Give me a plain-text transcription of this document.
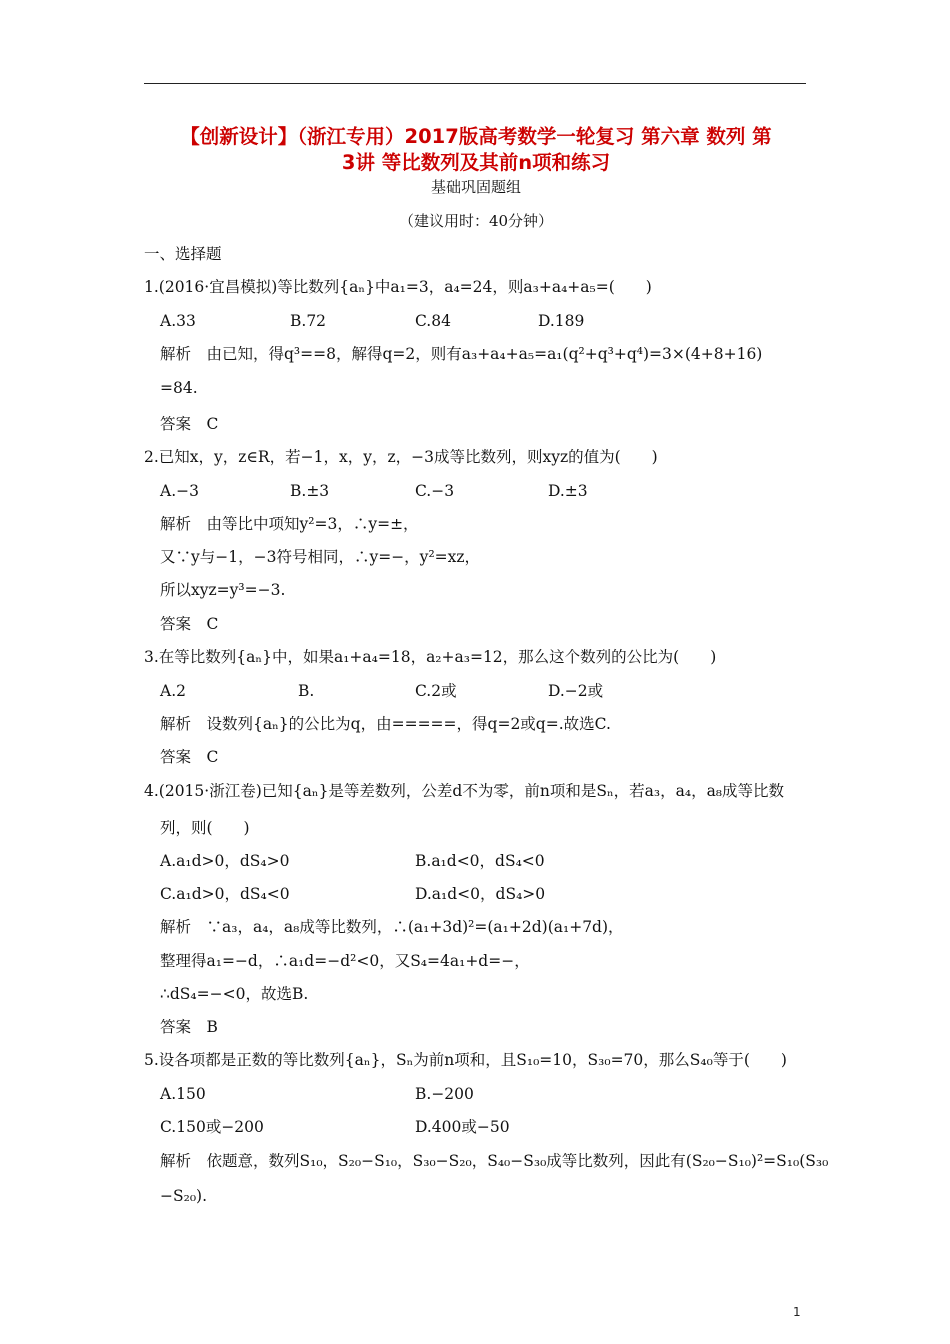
【创新设计】（浙江专用）2017版高考数学一轮复习 第六章 数列 第
3讲 等比数列及其前n项和练习
基础巩固题组
（建议用时：40分钟）
一、选择题
1.(2016·宜昌模拟)等比数列{aₙ}中a₁=3，a₄=24，则a₃+a₄+a₅=(　　)
A.33	B.72	C.84	D.189
解析　由已知，得q³==8，解得q=2，则有a₃+a₄+a₅=a₁(q²+q³+q⁴)=3×(4+8+16)
=84.
答案　C
2.已知x，y，z∈R，若−1，x，y，z，−3成等比数列，则xyz的值为(　　)
A.−3	B.±3	C.−3	D.±3
解析　由等比中项知y²=3，∴y=±，
又∵y与−1，−3符号相同，∴y=−，y²=xz，
所以xyz=y³=−3.
答案　C
3.在等比数列{aₙ}中，如果a₁+a₄=18，a₂+a₃=12，那么这个数列的公比为(　　)
A.2	B.	C.2或	D.−2或
解析　设数列{aₙ}的公比为q，由=====，得q=2或q=.故选C.
答案　C
4.(2015·浙江卷)已知{aₙ}是等差数列，公差d不为零，前n项和是Sₙ，若a₃，a₄，a₈成等比数
列，则(　　)
A.a₁d>0，dS₄>0	B.a₁d<0，dS₄<0
C.a₁d>0，dS₄<0	D.a₁d<0，dS₄>0
解析　∵a₃，a₄，a₈成等比数列，∴(a₁+3d)²=(a₁+2d)(a₁+7d)，
整理得a₁=−d，∴a₁d=−d²<0，又S₄=4a₁+d=−，
∴dS₄=−<0，故选B.
答案　B
5.设各项都是正数的等比数列{aₙ}，Sₙ为前n项和，且S₁₀=10，S₃₀=70，那么S₄₀等于(　　)
A.150	B.−200
C.150或−200	D.400或−50
解析　依题意，数列S₁₀，S₂₀−S₁₀，S₃₀−S₂₀，S₄₀−S₃₀成等比数列，因此有(S₂₀−S₁₀)²=S₁₀(S₃₀
−S₂₀).
1
